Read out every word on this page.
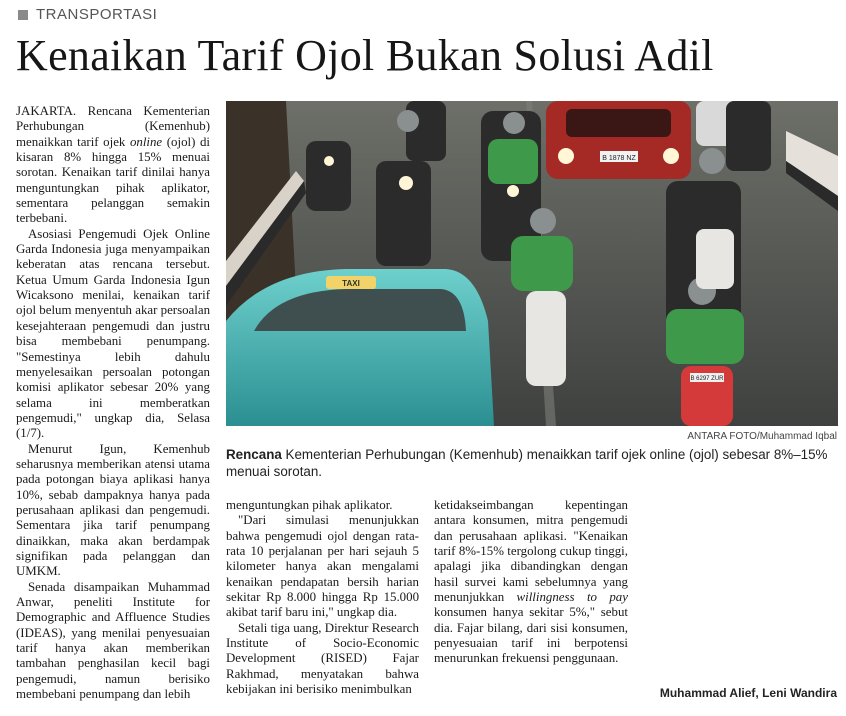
TRANSPORTASI
Kenaikan Tarif Ojol Bukan Solusi Adil

JAKARTA. Rencana Kementerian Perhubungan (Kemenhub) menaikkan tarif ojek online (ojol) di kisaran 8% hingga 15% menuai sorotan. Kenaikan tarif dinilai hanya menguntungkan pihak aplikator, sementara pelanggan semakin terbebani.

Asosiasi Pengemudi Ojek Online Garda Indonesia juga menyampaikan keberatan atas rencana tersebut. Ketua Umum Garda Indonesia Igun Wicaksono menilai, kenaikan tarif ojol belum menyentuh akar persoalan kesejahteraan pengemudi dan justru bisa membebani penumpang. "Semestinya lebih dahulu menyelesaikan persoalan potongan komisi aplikator sebesar 20% yang selama ini memberatkan pengemudi," ungkap dia, Selasa (1/7).

Menurut Igun, Kemenhub seharusnya memberikan atensi utama pada potongan biaya aplikasi hanya 10%, sebab dampaknya hanya pada perusahaan aplikasi dan pengemudi. Sementara jika tarif penumpang dinaikkan, maka akan berdampak signifikan pada pelanggan dan UMKM.

Senada disampaikan Muhammad Anwar, peneliti Institute for Demographic and Affluence Studies (IDEAS), yang menilai penyesuaian tarif hanya akan memberikan tambahan penghasilan kecil bagi pengemudi, namun berisiko membebani penumpang dan lebih

B 1878 NZ
B 6297 ZUR
TAXI
ANTARA FOTO/Muhammad Iqbal
Rencana Kementerian Perhubungan (Kemenhub) menaikkan tarif ojek online (ojol) sebesar 8%–15% menuai sorotan.

menguntungkan pihak aplikator.

"Dari simulasi menunjukkan bahwa pengemudi ojol dengan rata-rata 10 perjalanan per hari sejauh 5 kilometer hanya akan mengalami kenaikan pendapatan bersih harian sekitar Rp 8.000 hingga Rp 15.000 akibat tarif baru ini," ungkap dia.

Setali tiga uang, Direktur Research Institute of Socio-Economic Development (RISED) Fajar Rakhmad, menyatakan bahwa kebijakan ini berisiko menimbulkan

ketidakseimbangan kepentingan antara konsumen, mitra pengemudi dan perusahaan aplikasi. "Kenaikan tarif 8%-15% tergolong cukup tinggi, apalagi jika dibandingkan dengan hasil survei kami sebelumnya yang menunjukkan willingness to pay konsumen hanya sekitar 5%," sebut dia. Fajar bilang, dari sisi konsumen, penyesuaian tarif ini berpotensi menurunkan frekuensi penggunaan.

Muhammad Alief, Leni Wandira
